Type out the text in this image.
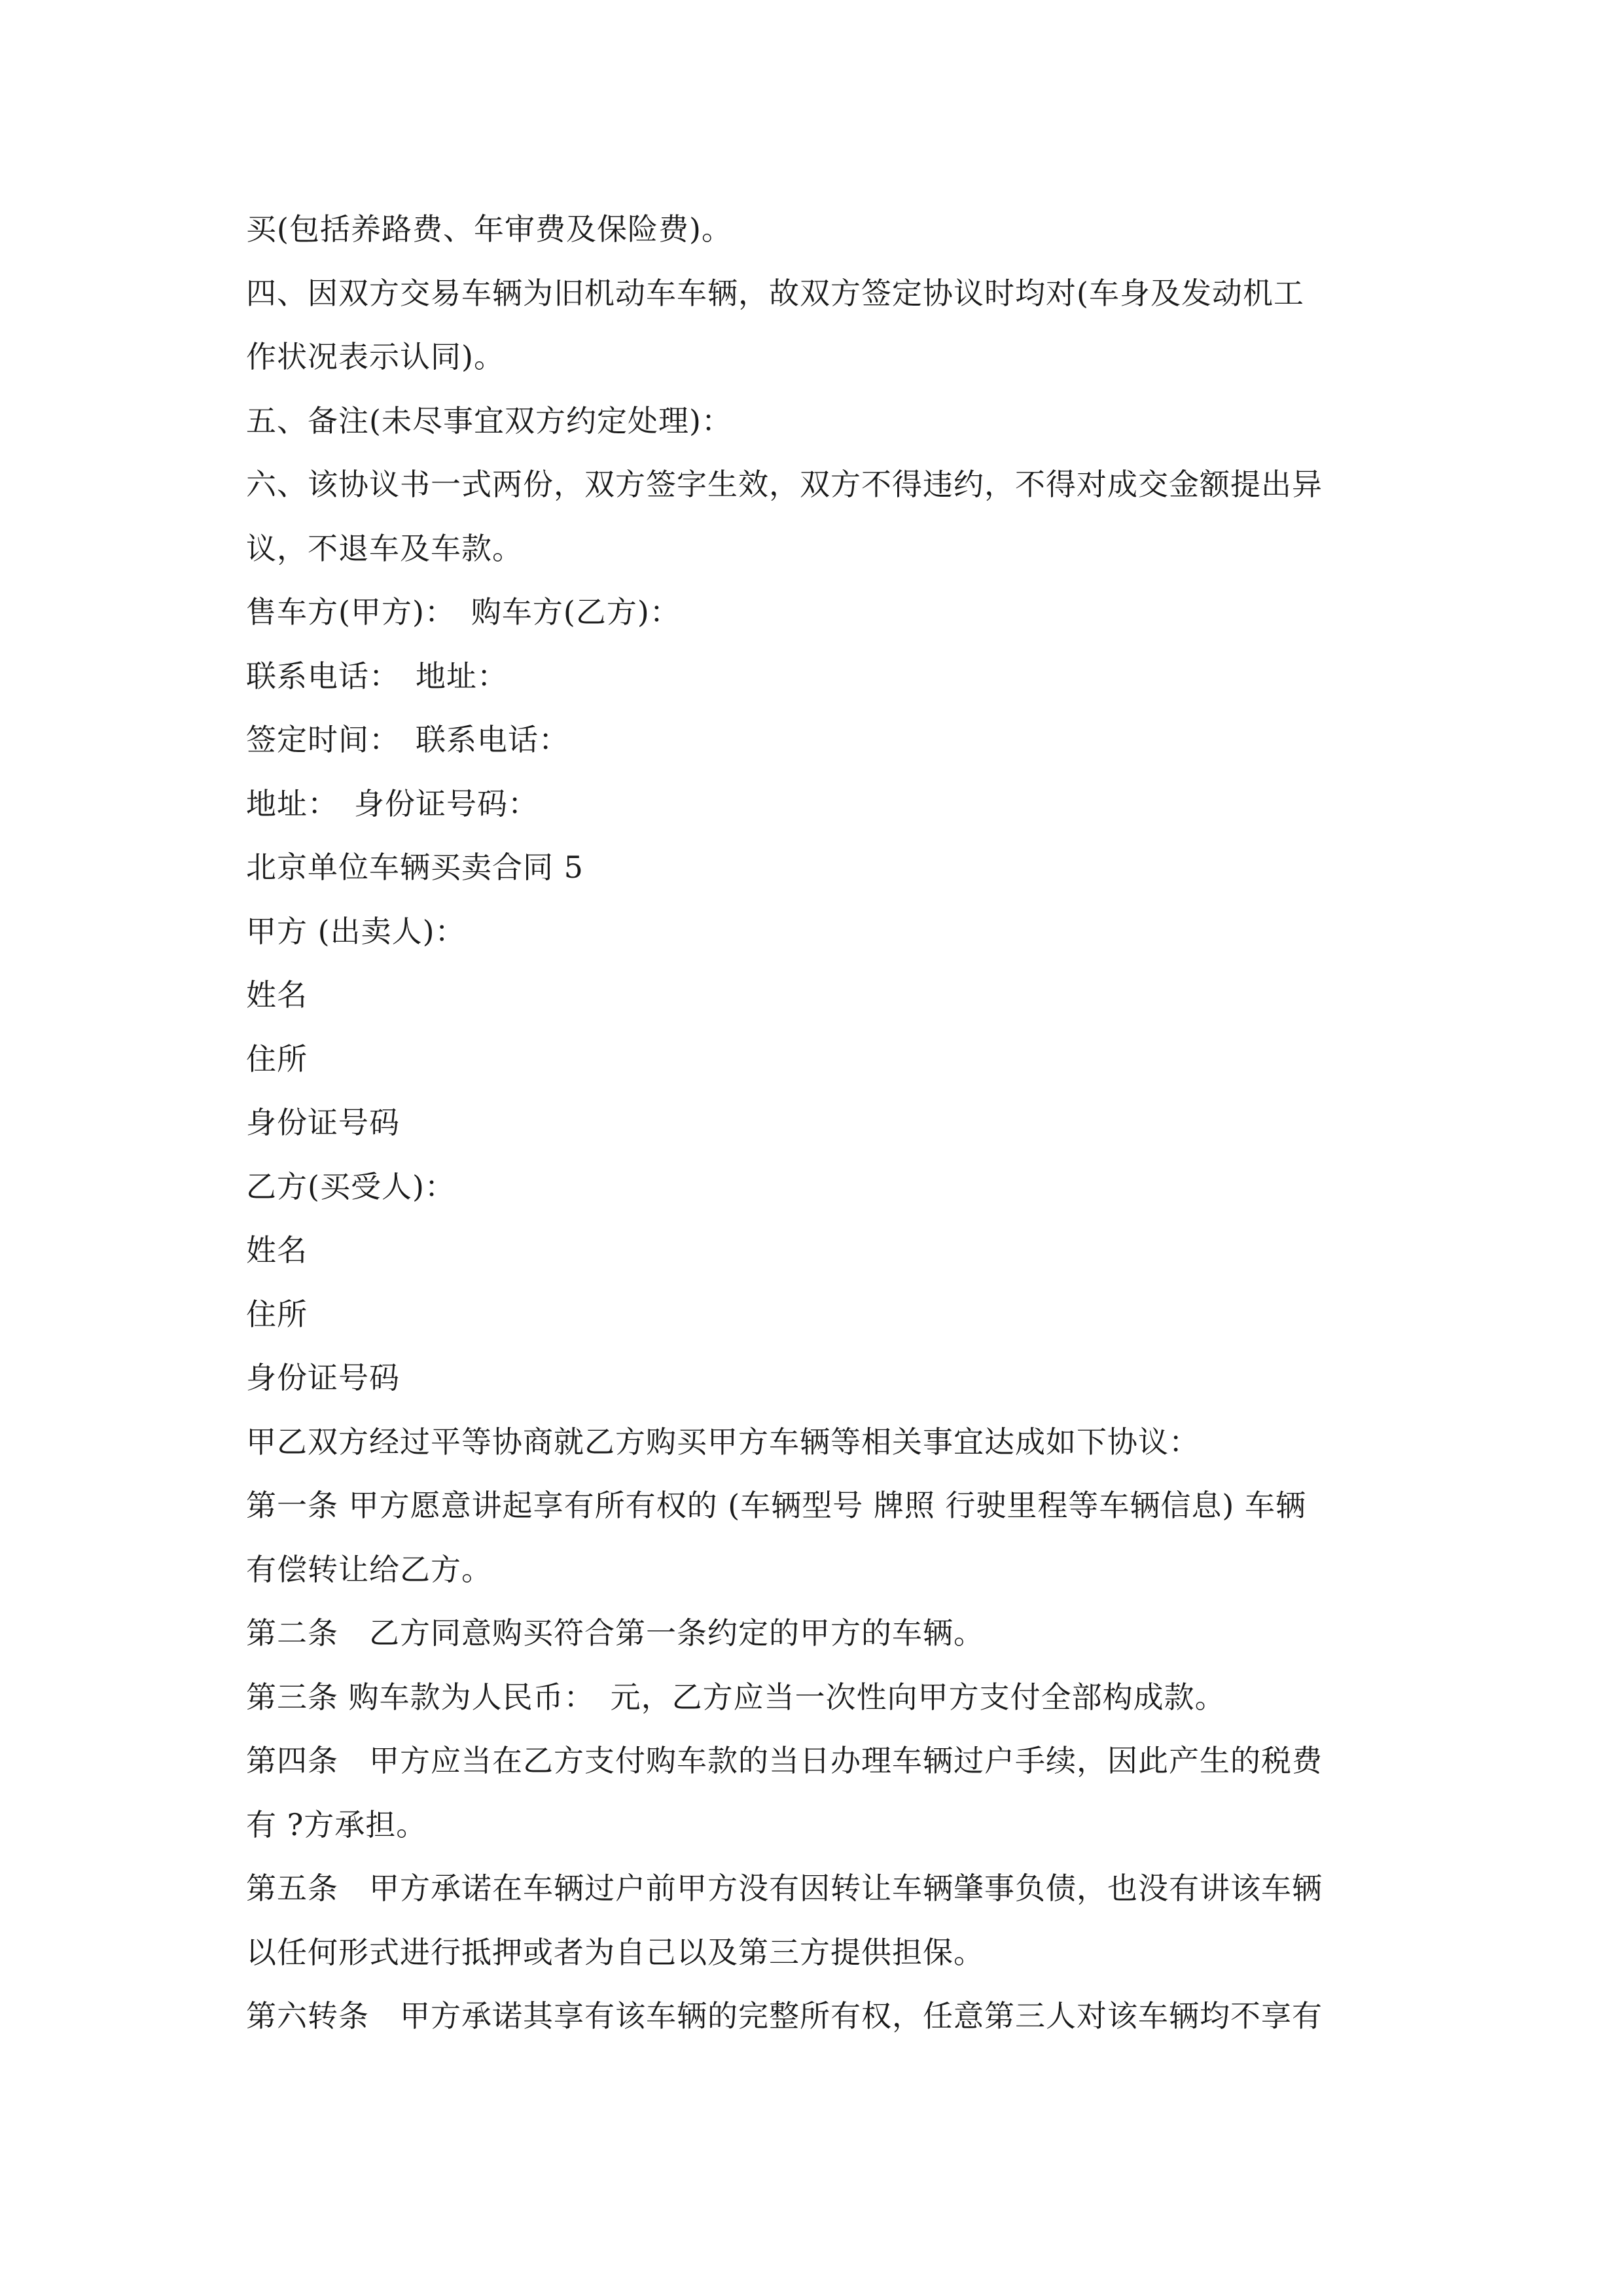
买(包括养路费、年审费及保险费)。
四、因双方交易车辆为旧机动车车辆，故双方签定协议时均对(车身及发动机工
作状况表示认同)。
五、备注(未尽事宜双方约定处理)：
六、该协议书一式两份，双方签字生效，双方不得违约，不得对成交金额提出异
议，不退车及车款。
售车方(甲方)：　购车方(乙方)：
联系电话：　地址：
签定时间：　联系电话：
地址：　身份证号码：
北京单位车辆买卖合同 5
甲方 (出卖人)：
姓名
住所
身份证号码
乙方(买受人)：
姓名
住所
身份证号码
甲乙双方经过平等协商就乙方购买甲方车辆等相关事宜达成如下协议：
第一条 甲方愿意讲起享有所有权的 (车辆型号 牌照 行驶里程等车辆信息) 车辆
有偿转让给乙方。
第二条　乙方同意购买符合第一条约定的甲方的车辆。
第三条 购车款为人民币：　元，乙方应当一次性向甲方支付全部构成款。
第四条　甲方应当在乙方支付购车款的当日办理车辆过户手续，因此产生的税费
有 ?方承担。
第五条　甲方承诺在车辆过户前甲方没有因转让车辆肇事负债，也没有讲该车辆
以任何形式进行抵押或者为自己以及第三方提供担保。
第六转条　甲方承诺其享有该车辆的完整所有权，任意第三人对该车辆均不享有
